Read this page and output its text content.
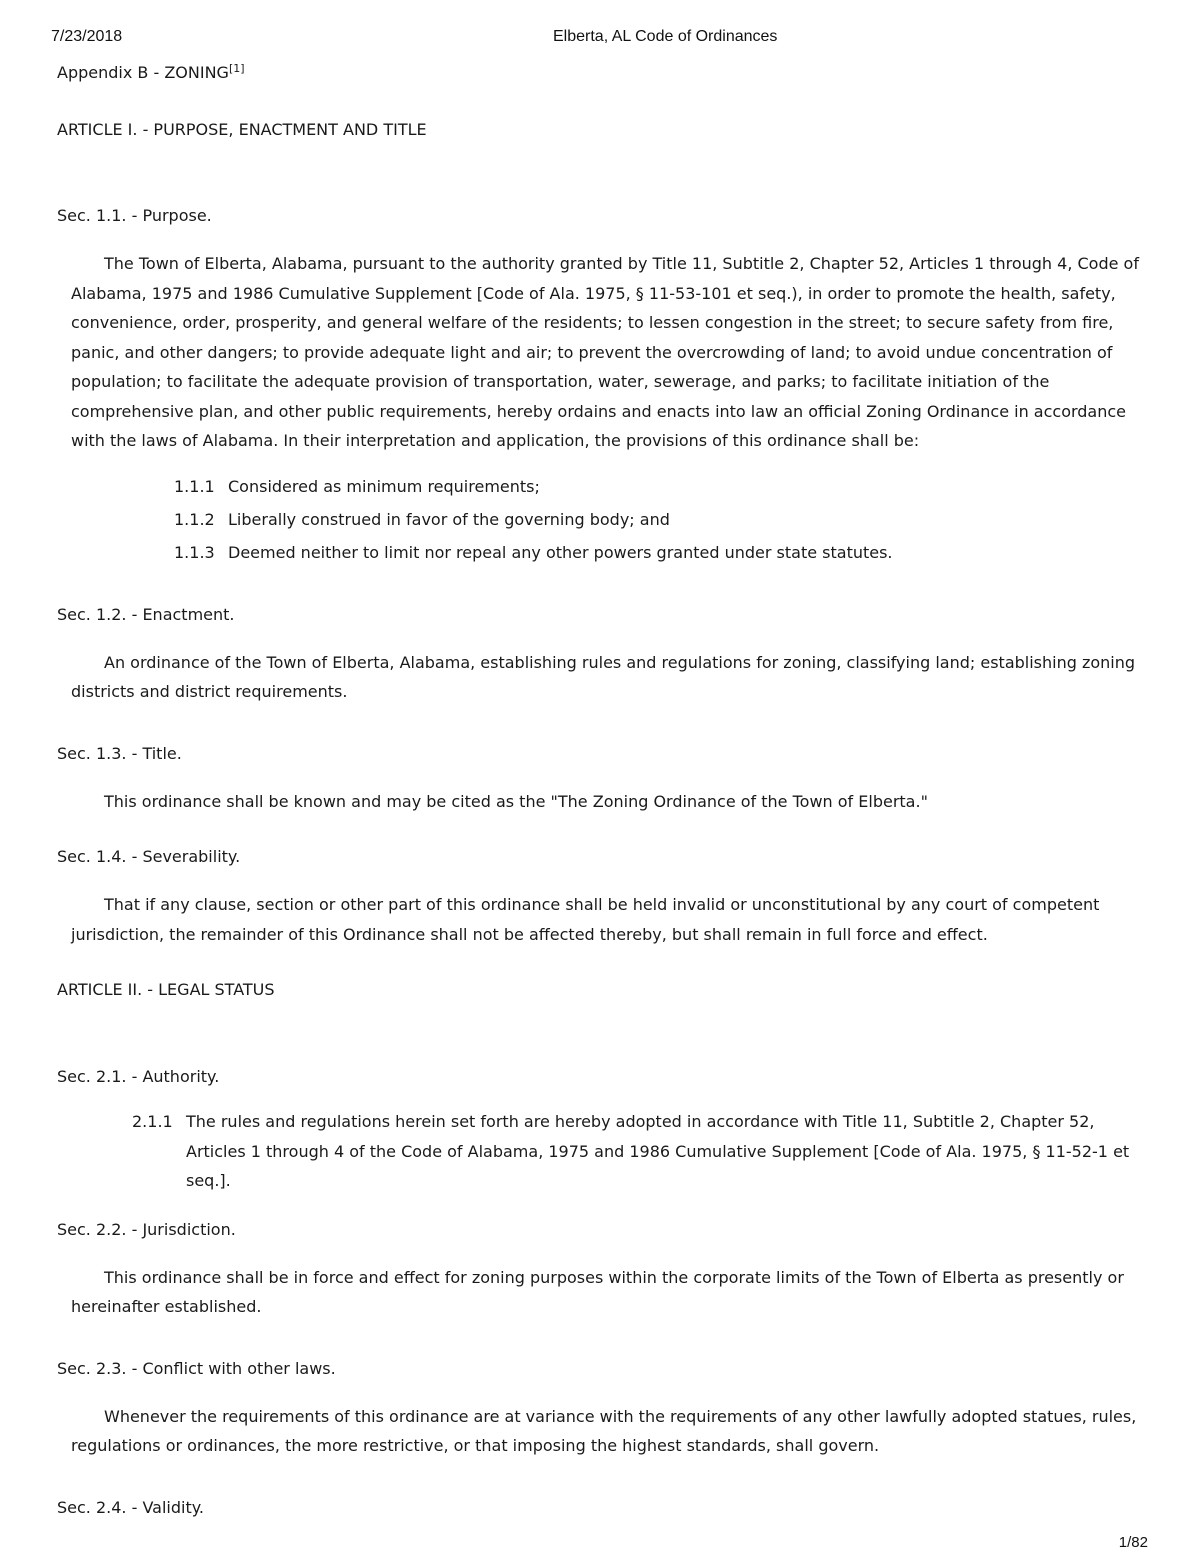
7/23/2018	Elberta, AL Code of Ordinances
Appendix B - ZONING[1]
ARTICLE I. - PURPOSE, ENACTMENT AND TITLE
Sec. 1.1. - Purpose.

The Town of Elberta, Alabama, pursuant to the authority granted by Title 11, Subtitle 2, Chapter 52, Articles 1 through 4, Code of Alabama, 1975 and 1986 Cumulative Supplement [Code of Ala. 1975, § 11-53-101 et seq.), in order to promote the health, safety, convenience, order, prosperity, and general welfare of the residents; to lessen congestion in the street; to secure safety from fire, panic, and other dangers; to provide adequate light and air; to prevent the overcrowding of land; to avoid undue concentration of population; to facilitate the adequate provision of transportation, water, sewerage, and parks; to facilitate initiation of the comprehensive plan, and other public requirements, hereby ordains and enacts into law an official Zoning Ordinance in accordance with the laws of Alabama. In their interpretation and application, the provisions of this ordinance shall be:

1.1.1 Considered as minimum requirements;
1.1.2 Liberally construed in favor of the governing body; and
1.1.3 Deemed neither to limit nor repeal any other powers granted under state statutes.
Sec. 1.2. - Enactment.

An ordinance of the Town of Elberta, Alabama, establishing rules and regulations for zoning, classifying land; establishing zoning districts and district requirements.

Sec. 1.3. - Title.

This ordinance shall be known and may be cited as the "The Zoning Ordinance of the Town of Elberta."

Sec. 1.4. - Severability.

That if any clause, section or other part of this ordinance shall be held invalid or unconstitutional by any court of competent jurisdiction, the remainder of this Ordinance shall not be affected thereby, but shall remain in full force and effect.

ARTICLE II. - LEGAL STATUS
Sec. 2.1. - Authority.
2.1.1 The rules and regulations herein set forth are hereby adopted in accordance with Title 11, Subtitle 2, Chapter 52, Articles 1 through 4 of the Code of Alabama, 1975 and 1986 Cumulative Supplement [Code of Ala. 1975, § 11-52-1 et seq.].
Sec. 2.2. - Jurisdiction.

This ordinance shall be in force and effect for zoning purposes within the corporate limits of the Town of Elberta as presently or hereinafter established.

Sec. 2.3. - Conflict with other laws.

Whenever the requirements of this ordinance are at variance with the requirements of any other lawfully adopted statues, rules, regulations or ordinances, the more restrictive, or that imposing the highest standards, shall govern.

Sec. 2.4. - Validity.
1/82
